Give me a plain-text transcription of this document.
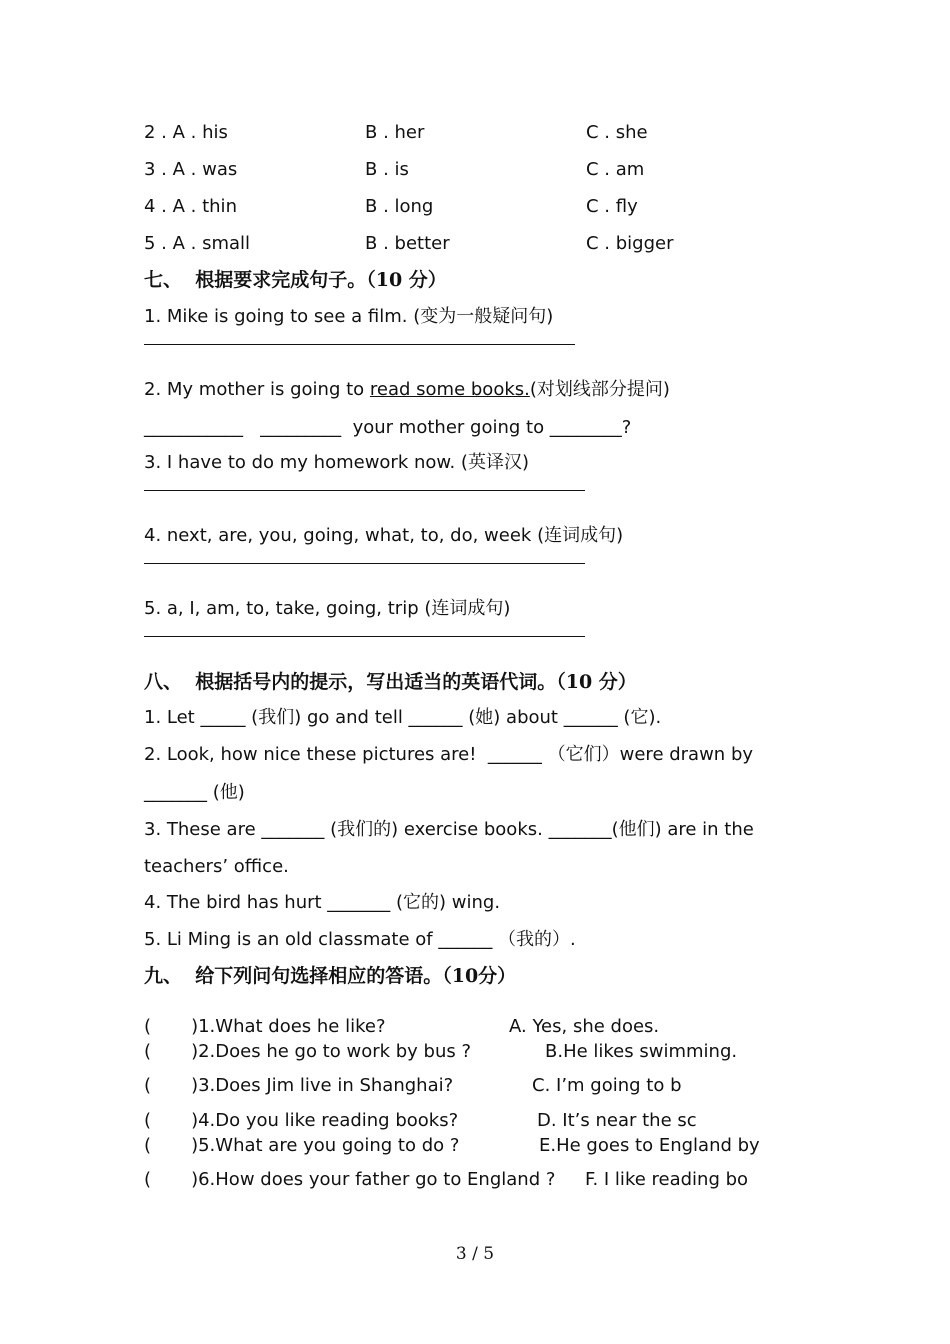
2 . A . his	B . her	C . she
3 . A . was	B . is	C . am
4 . A . thin	B . long	C . fly
5 . A . small	B . better	C . bigger
七、  根据要求完成句子。（10 分）
1. Mike is going to see a film. (变为一般疑问句)
2. My mother is going to read some books.(对划线部分提问)
___________   _________  your mother going to ________?
3. I have to do my homework now. (英译汉)
4. next, are, you, going, what, to, do, week (连词成句)
5. a, I, am, to, take, going, trip (连词成句)
八、  根据括号内的提示，写出适当的英语代词。（10 分）
1. Let _____ (我们) go and tell ______ (她) about ______ (它).
2. Look, how nice these pictures are!  ______ （它们）were drawn by
_______ (他)
3. These are _______ (我们的) exercise books. _______(他们) are in the
teachers’ office.
4. The bird has hurt _______ (它的) wing.
5. Li Ming is an old classmate of ______ （我的）.
九、  给下列问句选择相应的答语。（10分）
(       )1.What does he like?	A. Yes, she does.
(       )2.Does he go to work by bus ?	B.He likes swimming.
(       )3.Does Jim live in Shanghai?	C. I’m going to b
(       )4.Do you like reading books?	D. It’s near the sc
(       )5.What are you going to do ?	E.He goes to England by
(       )6.How does your father go to England ? F. I like reading bo
3 / 5
